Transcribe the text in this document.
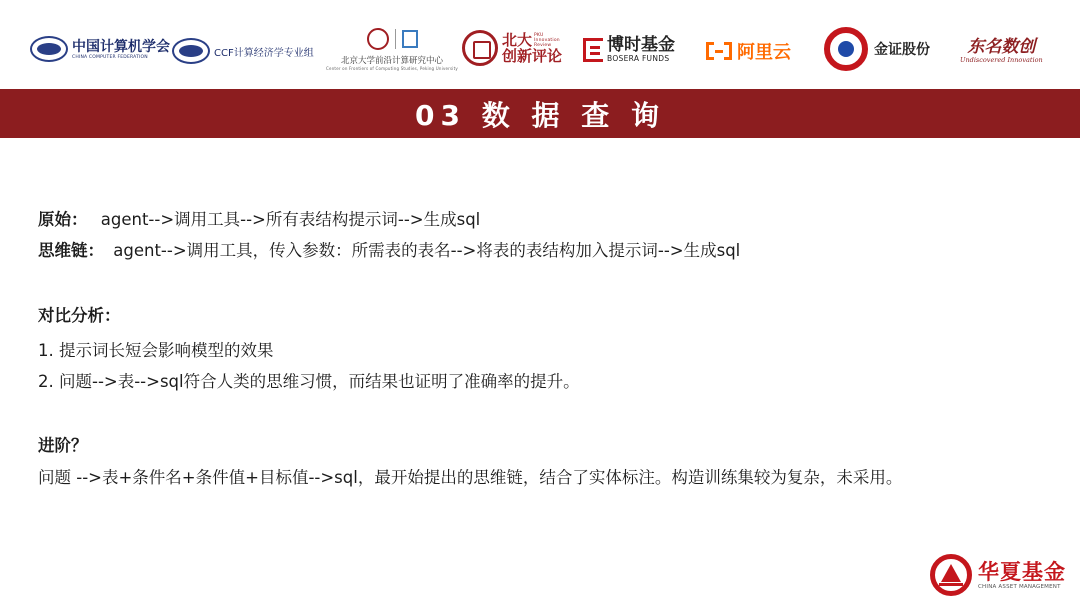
中国计算机学会
CHINA COMPUTER FEDERATION	CCF计算经济学专业组
北京大学前沿计算研究中心
Center on Frontiers of Computing Studies, Peking University
北大 PKU Innovation Review
创新评论
博时基金
BOSERA FUNDS	阿里云	金证股份 东名数创
Undiscovered Innovation
03 数 据 查 询
原始： agent-->调用工具-->所有表结构提示词-->生成sql
思维链： agent-->调用工具，传入参数：所需表的表名-->将表的表结构加入提示词-->生成sql
对比分析：
1. 提示词长短会影响模型的效果
2. 问题-->表-->sql符合人类的思维习惯，而结果也证明了准确率的提升。
进阶？
问题 -->表+条件名+条件值+目标值-->sql，最开始提出的思维链，结合了实体标注。构造训练集较为复杂，未采用。
华夏基金
CHINA ASSET MANAGEMENT
